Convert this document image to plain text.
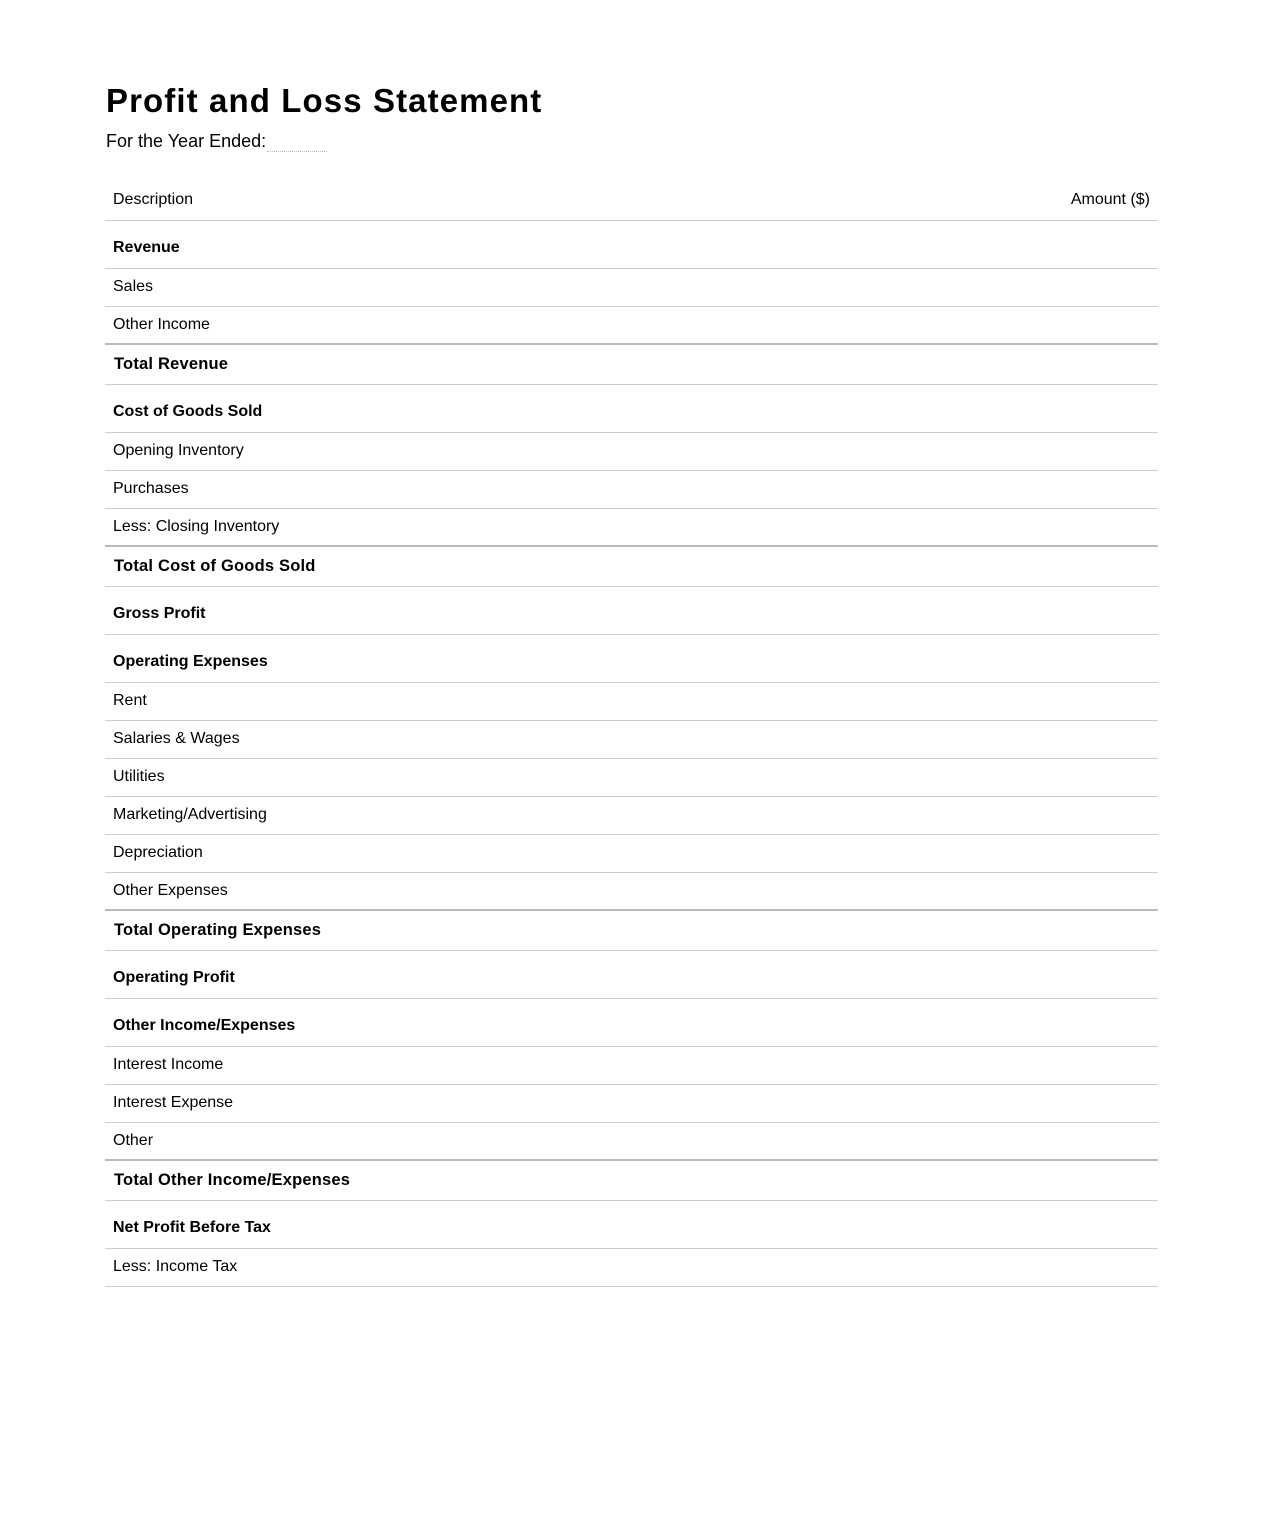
Profit and Loss Statement
For the Year Ended:
Description	Amount ($)
Revenue	
Sales	
Other Income	
Total Revenue	
Cost of Goods Sold	
Opening Inventory	
Purchases	
Less: Closing Inventory	
Total Cost of Goods Sold	
Gross Profit	
Operating Expenses	
Rent	
Salaries & Wages	
Utilities	
Marketing/Advertising	
Depreciation	
Other Expenses	
Total Operating Expenses	
Operating Profit	
Other Income/Expenses	
Interest Income	
Interest Expense	
Other	
Total Other Income/Expenses	
Net Profit Before Tax	
Less: Income Tax	
